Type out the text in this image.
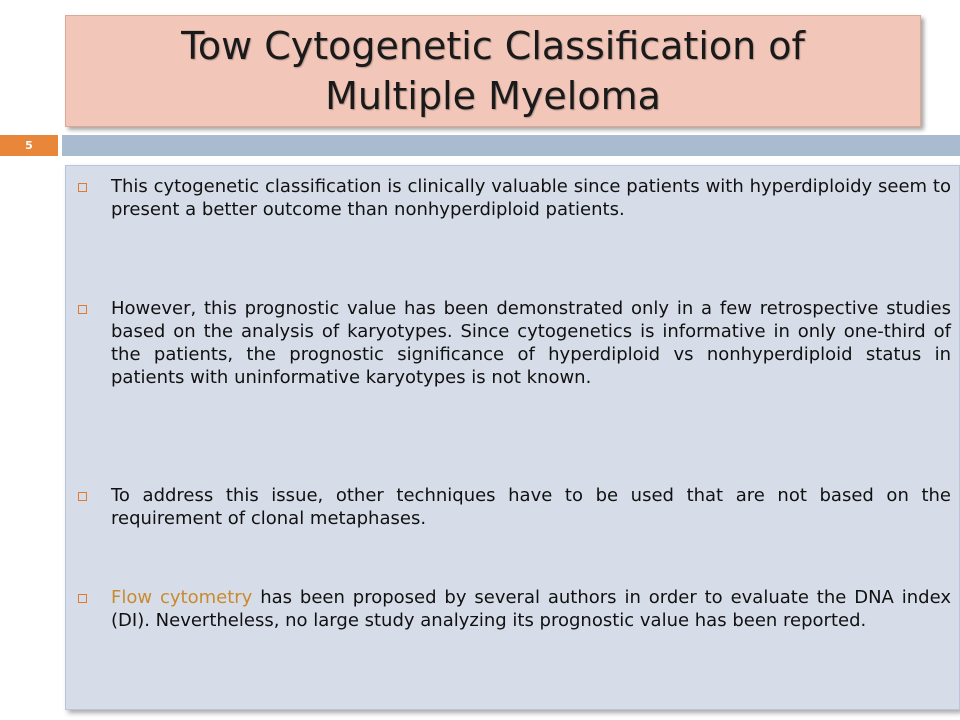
Tow Cytogenetic Classification of Multiple Myeloma
5
This cytogenetic classification is clinically valuable since patients with hyperdiploidy seem to present a better outcome than nonhyperdiploid patients.
However, this prognostic value has been demonstrated only in a few retrospective studies based on the analysis of karyotypes. Since cytogenetics is informative in only one-third of the patients, the prognostic significance of hyperdiploid vs nonhyperdiploid status in patients with uninformative karyotypes is not known.
To address this issue, other techniques have to be used that are not based on the requirement of clonal metaphases.
Flow cytometry has been proposed by several authors in order to evaluate the DNA index (DI). Nevertheless, no large study analyzing its prognostic value has been reported.
